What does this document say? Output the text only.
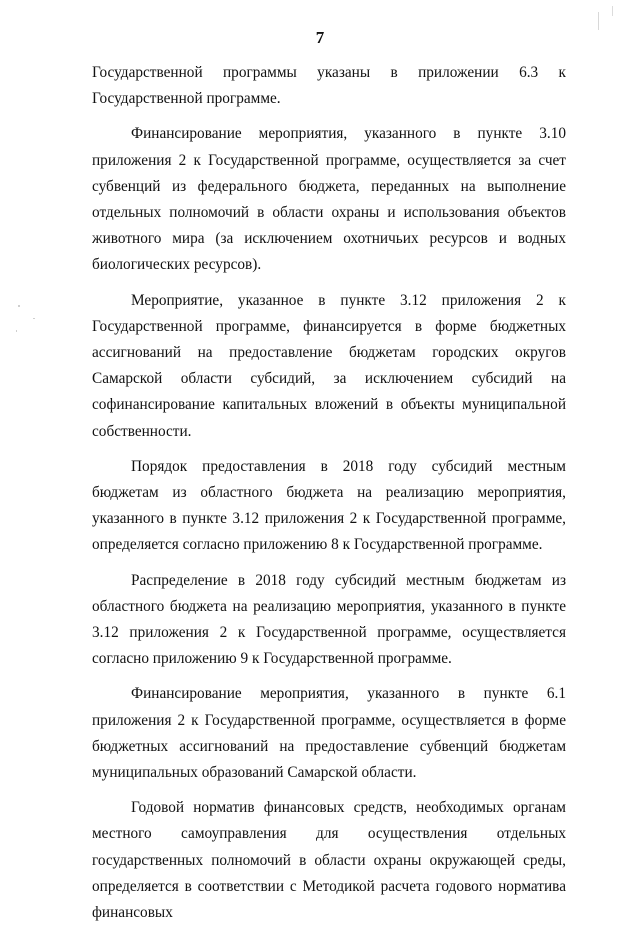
7

Государственной программы указаны в приложении 6.3 к Государственной программе.

Финансирование мероприятия, указанного в пункте 3.10 приложения 2 к Государственной программе, осуществляется за счет субвенций из федерального бюджета, переданных на выполнение отдельных полномочий в области охраны и использования объектов животного мира (за исключением охотничьих ресурсов и водных биологических ресурсов).

Мероприятие, указанное в пункте 3.12 приложения 2 к Государственной программе, финансируется в форме бюджетных ассигнований на предоставление бюджетам городских округов Самарской области субсидий, за исключением субсидий на софинансирование капитальных вложений в объекты муниципальной собственности.

Порядок предоставления в 2018 году субсидий местным бюджетам из областного бюджета на реализацию мероприятия, указанного в пункте 3.12 приложения 2 к Государственной программе, определяется согласно приложению 8 к Государственной программе.

Распределение в 2018 году субсидий местным бюджетам из областного бюджета на реализацию мероприятия, указанного в пункте 3.12 приложения 2 к Государственной программе, осуществляется согласно приложению 9 к Государственной программе.

Финансирование мероприятия, указанного в пункте 6.1 приложения 2 к Государственной программе, осуществляется в форме бюджетных ассигнований на предоставление субвенций бюджетам муниципальных образований Самарской области.

Годовой норматив финансовых средств, необходимых органам местного самоуправления для осуществления отдельных государственных полномочий в области охраны окружающей среды, определяется в соответствии с Методикой расчета годового норматива финансовых
